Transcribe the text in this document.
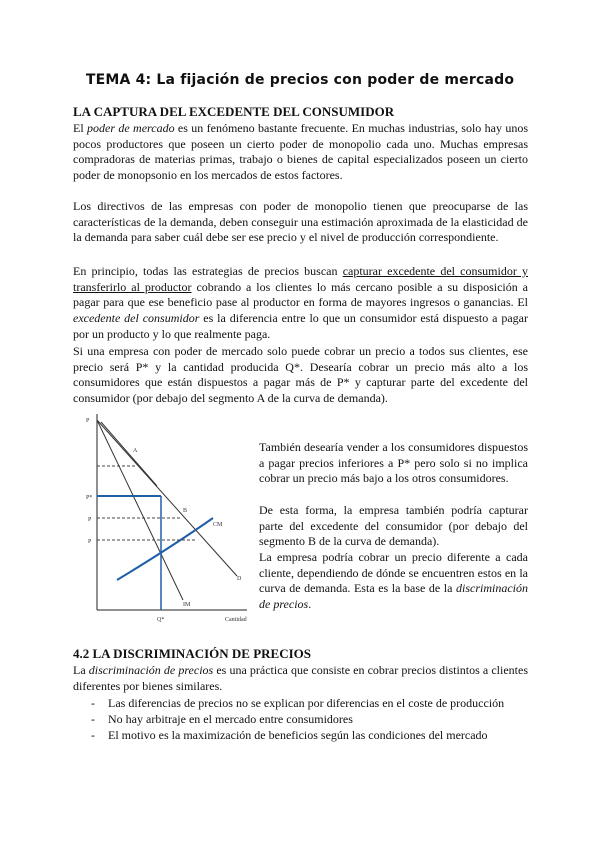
TEMA 4: La fijación de precios con poder de mercado
LA CAPTURA DEL EXCEDENTE DEL CONSUMIDOR

El poder de mercado es un fenómeno bastante frecuente. En muchas industrias, solo hay unos pocos productores que poseen un cierto poder de monopolio cada uno. Muchas empresas compradoras de materias primas, trabajo o bienes de capital especializados poseen un cierto poder de monopsonio en los mercados de estos factores.

Los directivos de las empresas con poder de monopolio tienen que preocuparse de las características de la demanda, deben conseguir una estimación aproximada de la elasticidad de la demanda para saber cuál debe ser ese precio y el nivel de producción correspondiente.

En principio, todas las estrategias de precios buscan capturar excedente del consumidor y transferirlo al productor cobrando a los clientes lo más cercano posible a su disposición a pagar para que ese beneficio pase al productor en forma de mayores ingresos o ganancias. El excedente del consumidor es la diferencia entre lo que un consumidor está dispuesto a pagar por un producto y lo que realmente paga.

Si una empresa con poder de mercado solo puede cobrar un precio a todos sus clientes, ese precio será P* y la cantidad producida Q*. Desearía cobrar un precio más alto a los consumidores que están dispuestos a pagar más de P* y capturar parte del excedente del consumidor (por debajo del segmento A de la curva de demanda).

P
P*
P
P
Q*	Cantidad
A
B
CM
D
IM

También desearía vender a los consumidores dispuestos a pagar precios inferiores a P* pero solo si no implica cobrar un precio más bajo a los otros consumidores.

De esta forma, la empresa también podría capturar parte del excedente del consumidor (por debajo del segmento B de la curva de demanda).

La empresa podría cobrar un precio diferente a cada cliente, dependiendo de dónde se encuentren estos en la curva de demanda. Esta es la base de la discriminación de precios.

4.2 LA DISCRIMINACIÓN DE PRECIOS

La discriminación de precios es una práctica que consiste en cobrar precios distintos a clientes diferentes por bienes similares.

- Las diferencias de precios no se explican por diferencias en el coste de producción
- No hay arbitraje en el mercado entre consumidores
- El motivo es la maximización de beneficios según las condiciones del mercado
